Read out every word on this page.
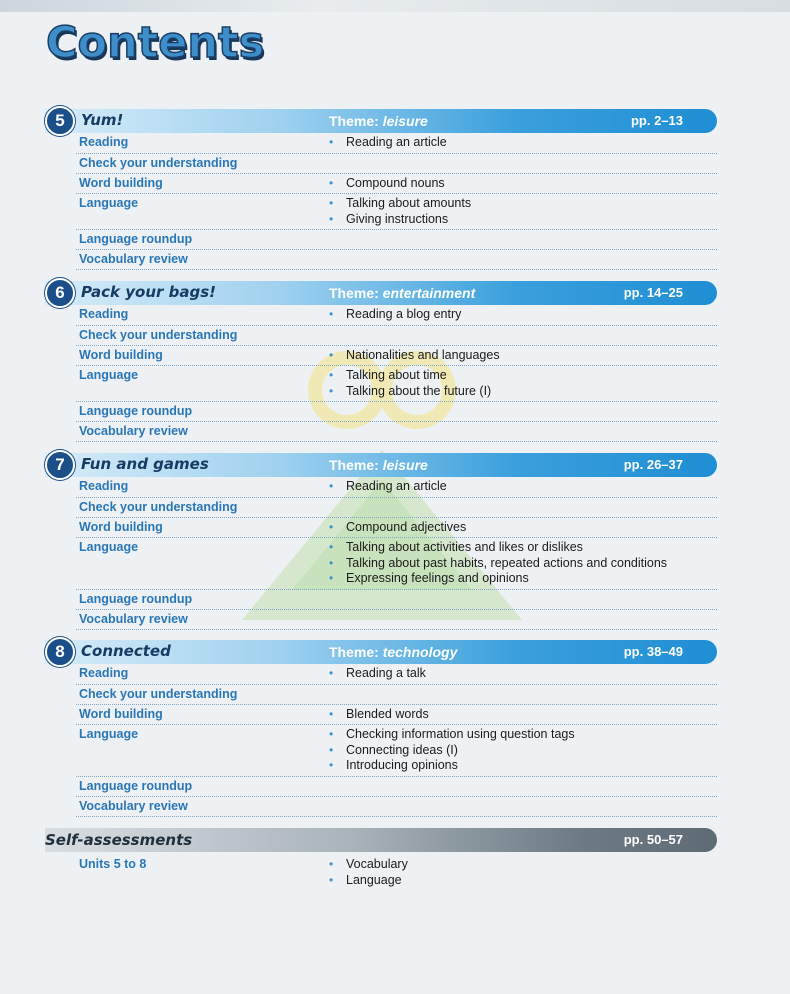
Contents
5	Yum!	Theme: leisure	pp. 2–13
Reading	• Reading an article
Check your understanding
Word building	• Compound nouns
Language	• Talking about amounts
• Giving instructions
Language roundup
Vocabulary review
6	Pack your bags!	Theme: entertainment	pp. 14–25
Reading	• Reading a blog entry
Check your understanding
Word building	• Nationalities and languages
Language	• Talking about time
• Talking about the future (I)
Language roundup
Vocabulary review
7	Fun and games	Theme: leisure	pp. 26–37
Reading	• Reading an article
Check your understanding
Word building	• Compound adjectives
Language	• Talking about activities and likes or dislikes
• Talking about past habits, repeated actions and conditions
• Expressing feelings and opinions
Language roundup
Vocabulary review
8	Connected	Theme: technology	pp. 38–49
Reading	• Reading a talk
Check your understanding
Word building	• Blended words
Language	• Checking information using question tags
• Connecting ideas (I)
• Introducing opinions
Language roundup
Vocabulary review
Self-assessments	pp. 50–57
Units 5 to 8	• Vocabulary
• Language
